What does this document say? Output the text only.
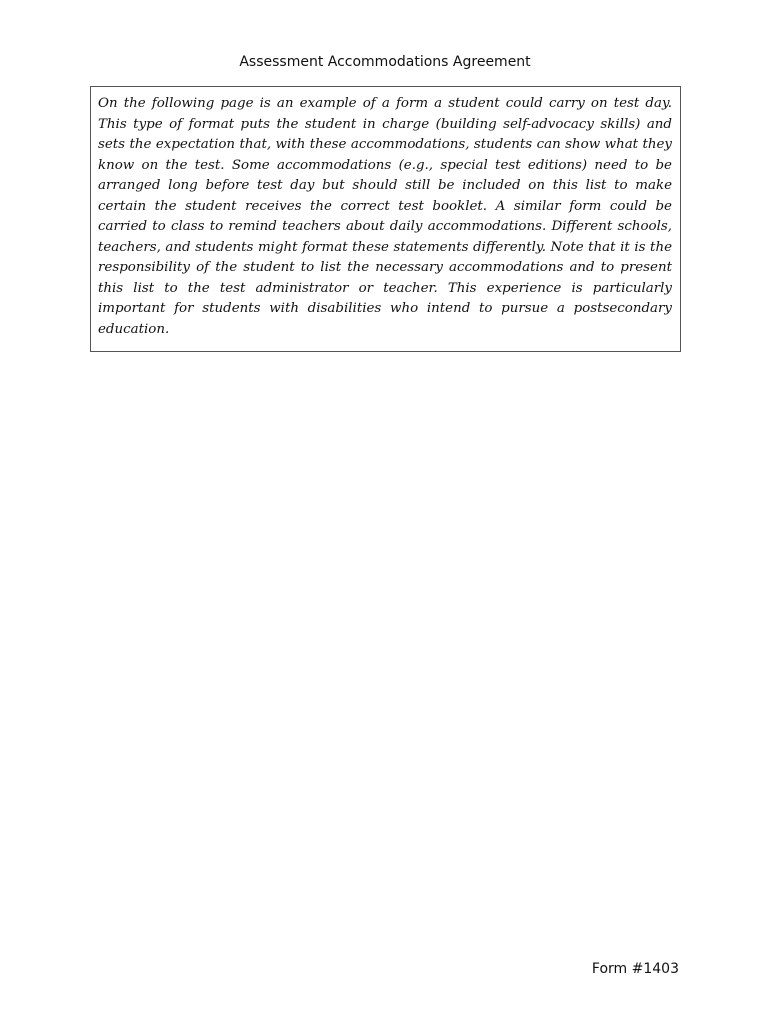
Assessment Accommodations Agreement

On the following page is an example of a form a student could carry on test day. This type of format puts the student in charge (building self-advocacy skills) and sets the expectation that, with these accommodations, students can show what they know on the test. Some accommodations (e.g., special test editions) need to be arranged long before test day but should still be included on this list to make certain the student receives the correct test booklet. A similar form could be carried to class to remind teachers about daily accommodations. Different schools, teachers, and students might format these statements differently. Note that it is the responsibility of the student to list the necessary accommodations and to present this list to the test administrator or teacher. This experience is particularly important for students with disabilities who intend to pursue a postsecondary education.

Form #1403
